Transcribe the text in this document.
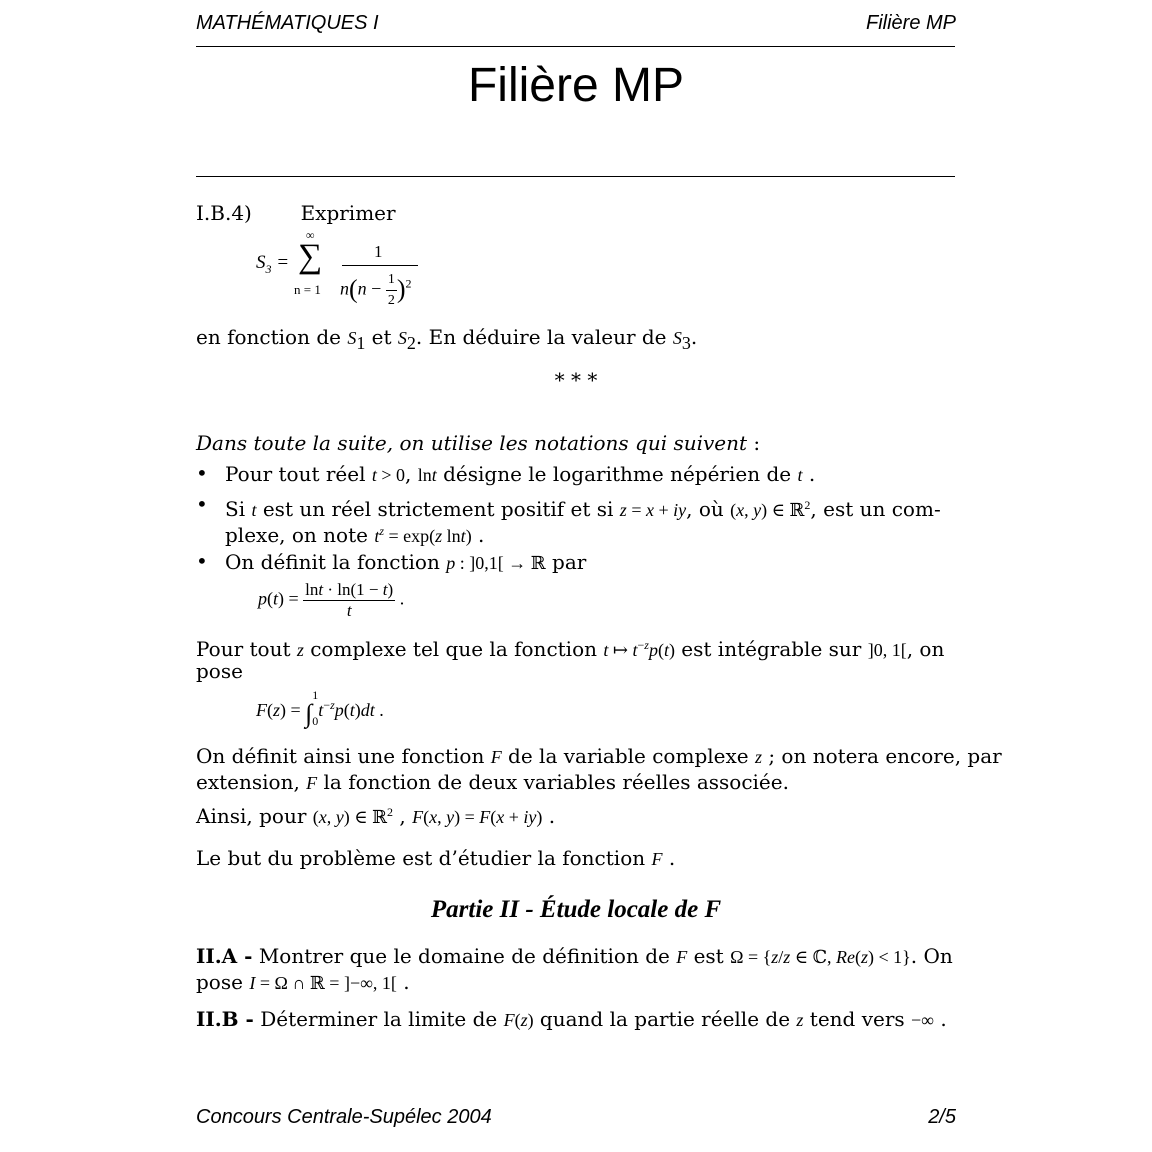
MATHÉMATIQUES I	Filière MP
Filière MP
I.B.4) Exprimer
$S_3$ =
∞
∑
n = 1
1
$n(n - \frac{1}{2} )^2$
en fonction de $S_1$ et $S_2$. En déduire la valeur de $S_3$.
* * *
Dans toute la suite, on utilise les notations qui suivent :
• Pour tout réel t > 0, lnt désigne le logarithme népérien de t .
• Si t est un réel strictement positif et si z = x + iy, où (x, y) ∈ ℝ$^2$, est un com-
plexe, on note $t^z = \exp(z$ lnt) .
• On définit la fonction p : ]0,1[ → ℝ par
$p(t) = \frac{\ln t \cdot \ln(1 - t)}{t}$ .
Pour tout z complexe tel que la fonction t ↦ $t^{-z}p(t)$ est intégrable sur ]0, 1[, on
pose
F(z) = ∫
1
0
$t^{-z}p(t)dt$ .
On définit ainsi une fonction F de la variable complexe z ; on notera encore, par
extension, F la fonction de deux variables réelles associée.
Ainsi, pour (x, y) ∈ ℝ$^2$ , F(x, y) = F(x + iy) .
Le but du problème est d’étudier la fonction F .
Partie II - Étude locale de F
II.A - Montrer que le domaine de définition de F est Ω = {z/z ∈ ℂ, Re(z) < 1}. On
pose I = Ω ∩ ℝ = ]−∞, 1[ .
II.B - Déterminer la limite de F(z) quand la partie réelle de z tend vers −∞ .
Concours Centrale-Supélec 2004	2/5
